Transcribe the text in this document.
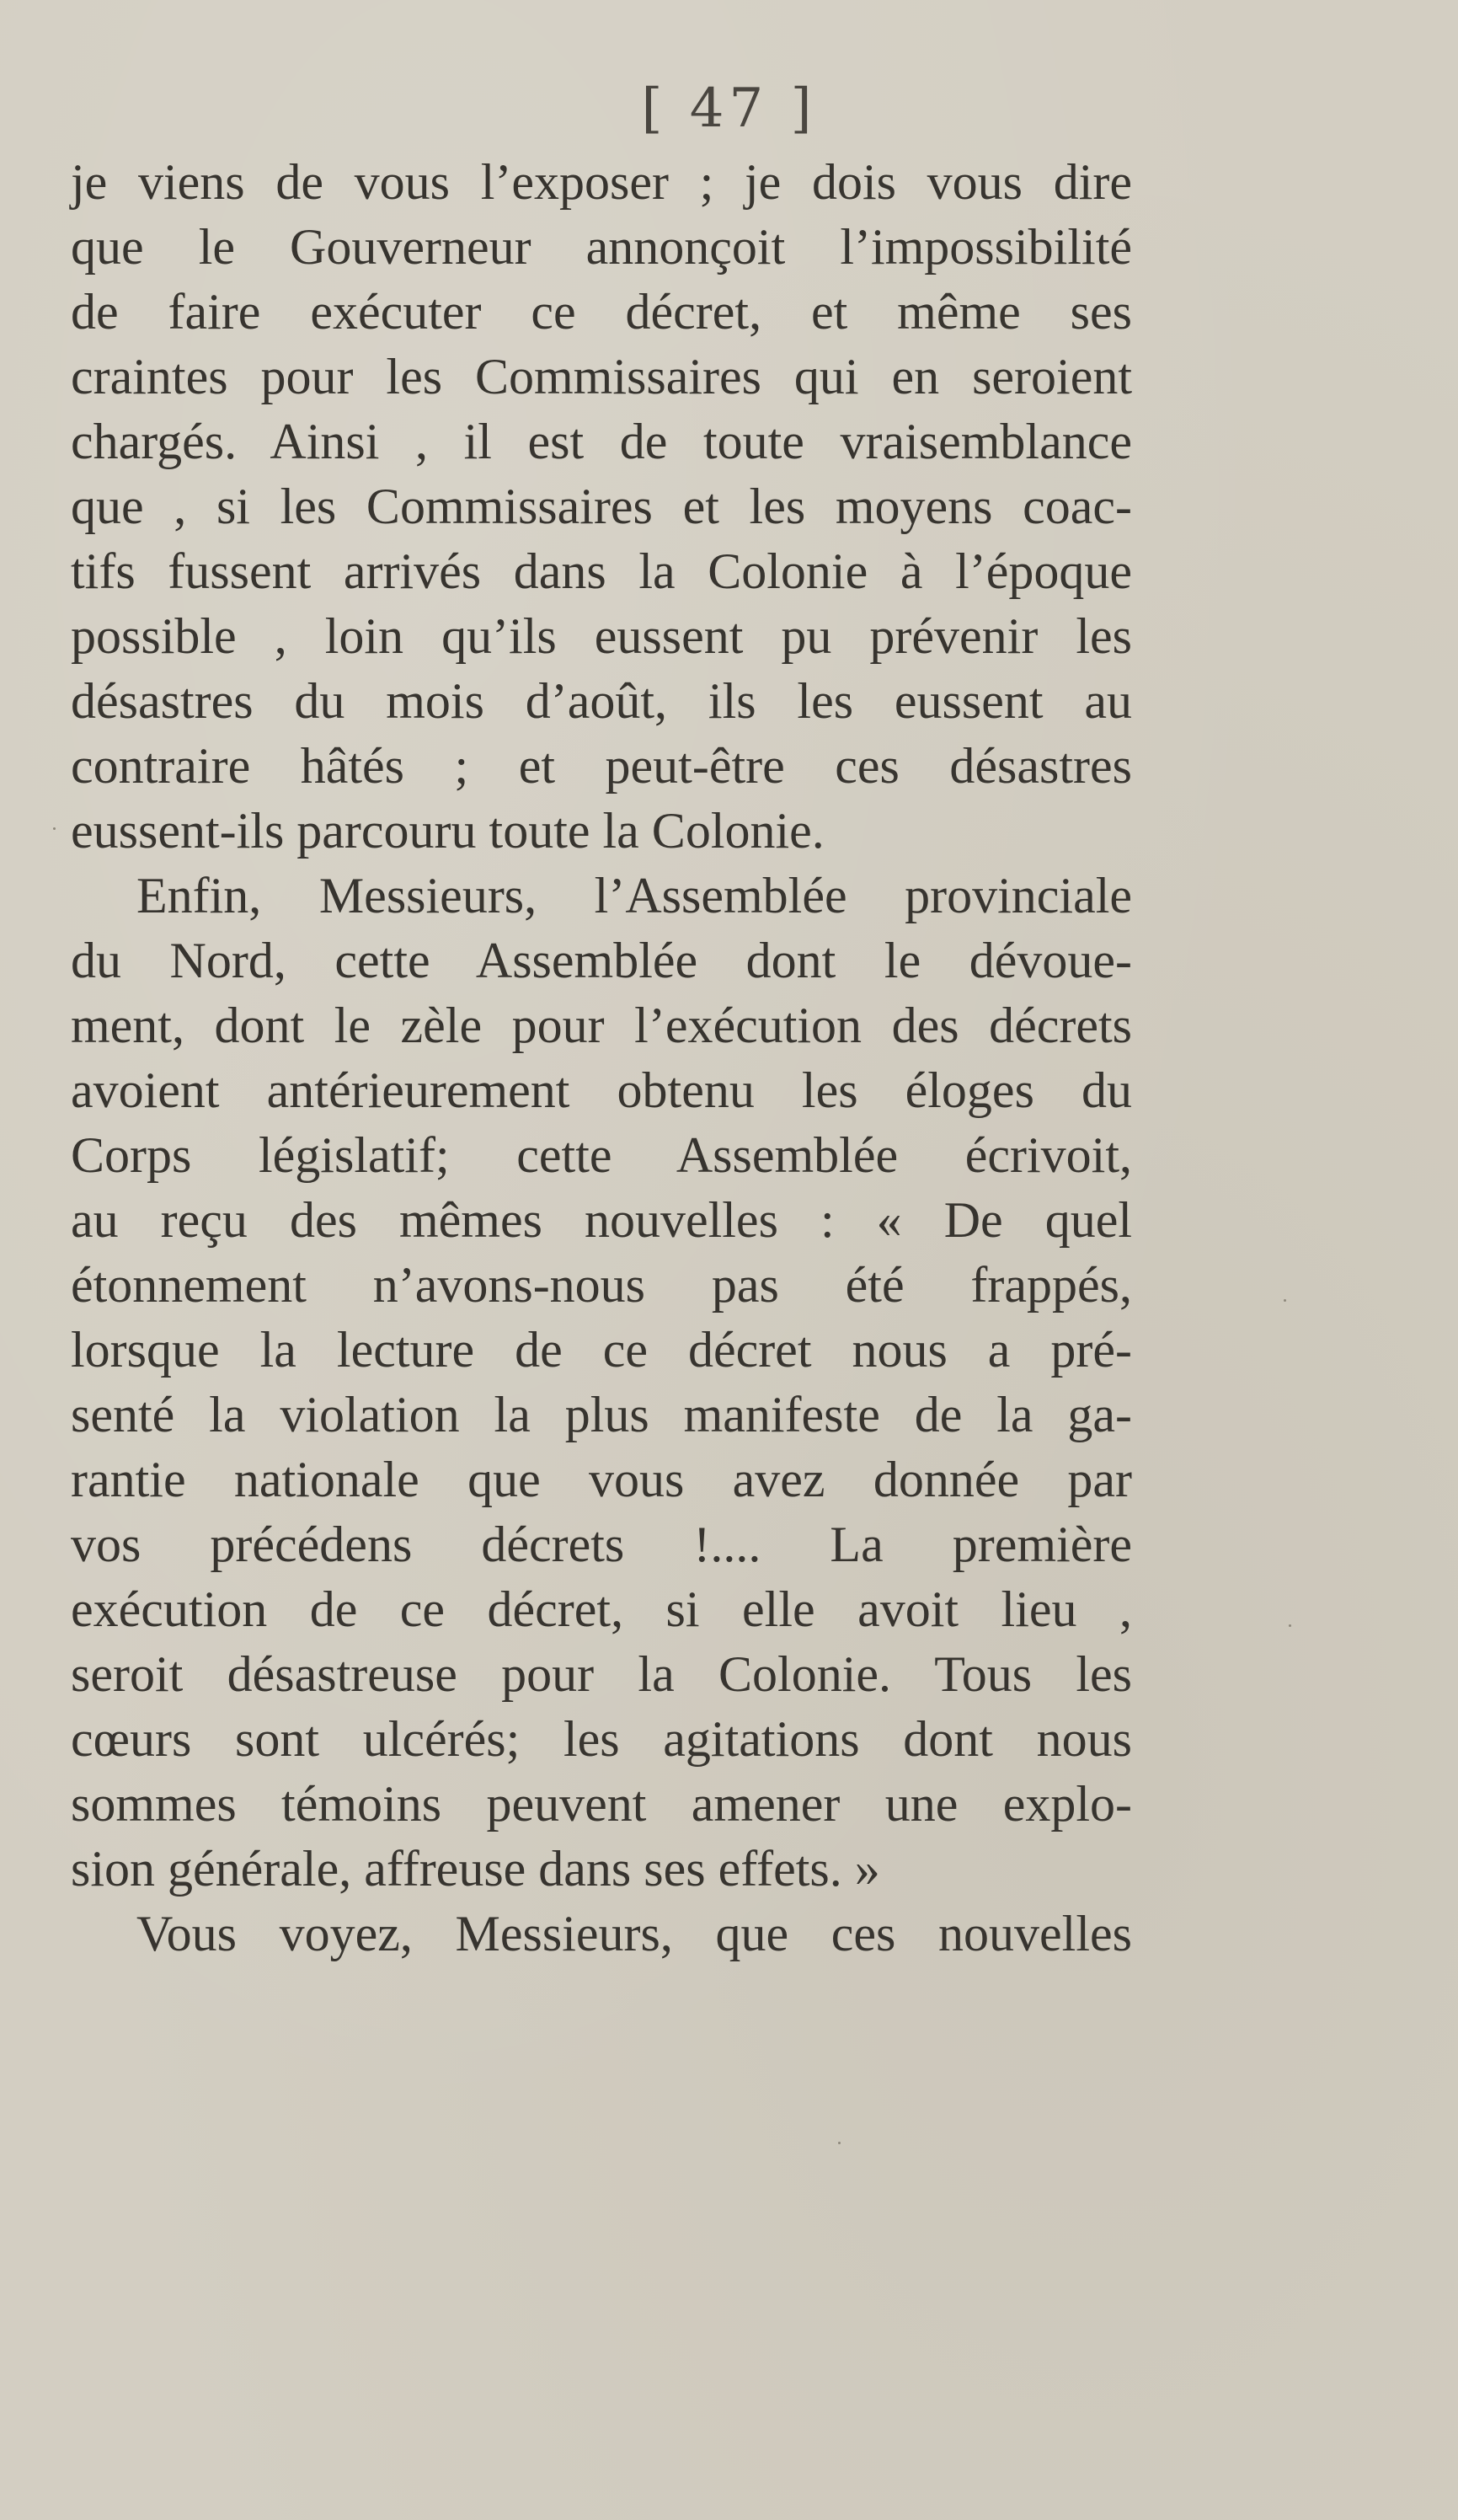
[ 47 ]
je viens de vous l’exposer ; je dois vous dire
que le Gouverneur annonçoit l’impossibilité
de faire exécuter ce décret, et même ses
craintes pour les Commissaires qui en seroient
chargés. Ainsi , il est de toute vraisemblance
que , si les Commissaires et les moyens coac-
tifs fussent arrivés dans la Colonie à l’époque
possible , loin qu’ils eussent pu prévenir les
désastres du mois d’août, ils les eussent au
contraire hâtés ; et peut-être ces désastres
eussent-ils parcouru toute la Colonie.
Enfin, Messieurs, l’Assemblée provinciale
du Nord, cette Assemblée dont le dévoue-
ment, dont le zèle pour l’exécution des décrets
avoient antérieurement obtenu les éloges du
Corps législatif; cette Assemblée écrivoit,
au reçu des mêmes nouvelles : « De quel
étonnement n’avons-nous pas été frappés,
lorsque la lecture de ce décret nous a pré-
senté la violation la plus manifeste de la ga-
rantie nationale que vous avez donnée par
vos précédens décrets !.... La première
exécution de ce décret, si elle avoit lieu ,
seroit désastreuse pour la Colonie. Tous les
cœurs sont ulcérés; les agitations dont nous
sommes témoins peuvent amener une explo-
sion générale, affreuse dans ses effets. »
Vous voyez, Messieurs, que ces nouvelles
